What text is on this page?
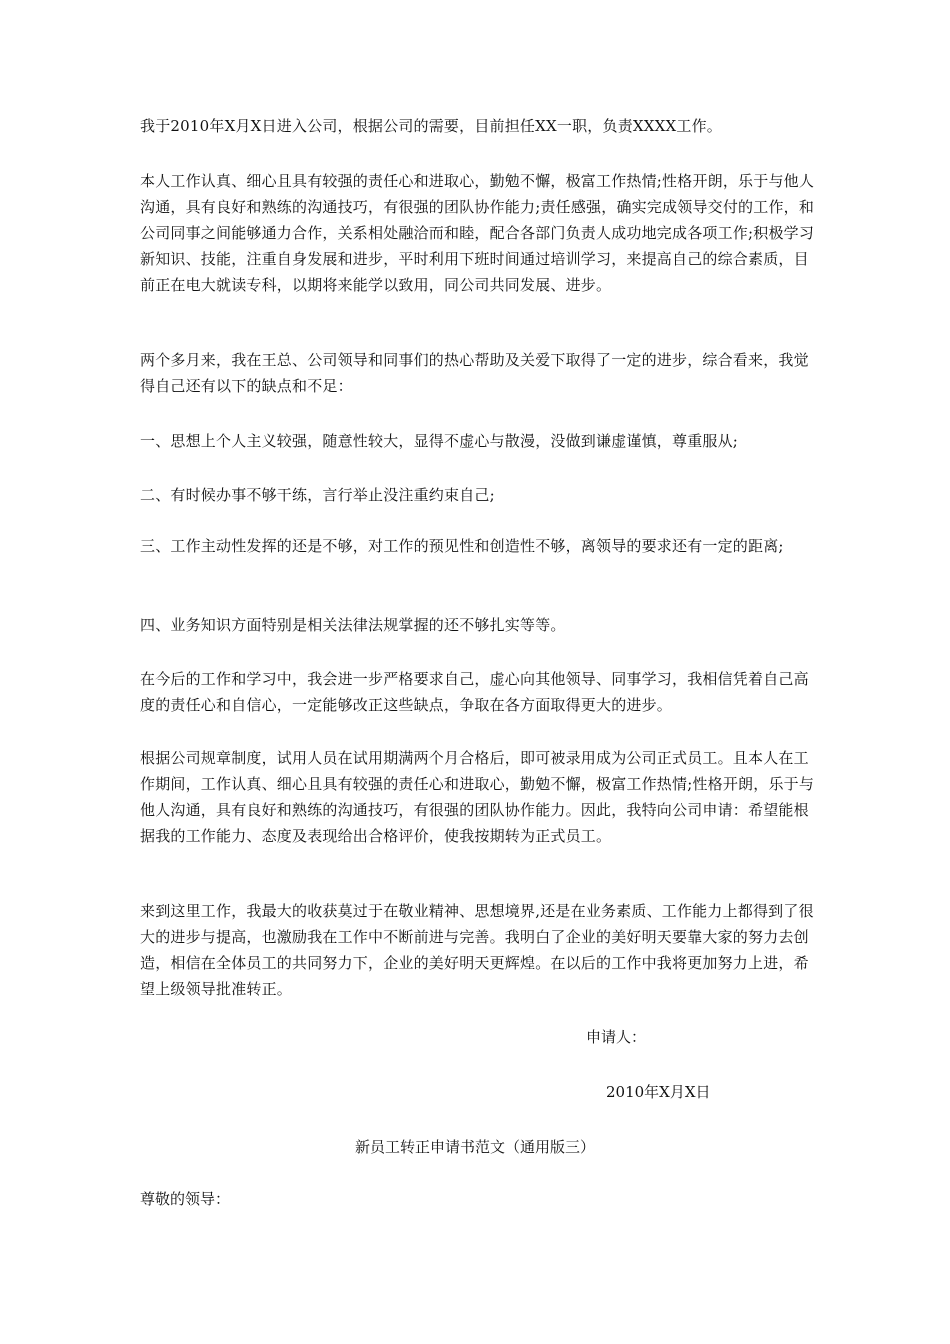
我于2010年X月X日进入公司，根据公司的需要，目前担任XX一职，负责XXXX工作。
本人工作认真、细心且具有较强的责任心和进取心，勤勉不懈，极富工作热情;性格开朗，乐于与他人沟通，具有良好和熟练的沟通技巧，有很强的团队协作能力;责任感强，确实完成领导交付的工作，和公司同事之间能够通力合作，关系相处融洽而和睦，配合各部门负责人成功地完成各项工作;积极学习新知识、技能，注重自身发展和进步，平时利用下班时间通过培训学习，来提高自己的综合素质，目前正在电大就读专科，以期将来能学以致用，同公司共同发展、进步。
两个多月来，我在王总、公司领导和同事们的热心帮助及关爱下取得了一定的进步，综合看来，我觉得自己还有以下的缺点和不足：
一、思想上个人主义较强，随意性较大，显得不虚心与散漫，没做到谦虚谨慎，尊重服从;
二、有时候办事不够干练，言行举止没注重约束自己;
三、工作主动性发挥的还是不够，对工作的预见性和创造性不够，离领导的要求还有一定的距离;
四、业务知识方面特别是相关法律法规掌握的还不够扎实等等。
在今后的工作和学习中，我会进一步严格要求自己，虚心向其他领导、同事学习，我相信凭着自己高度的责任心和自信心，一定能够改正这些缺点，争取在各方面取得更大的进步。
根据公司规章制度，试用人员在试用期满两个月合格后，即可被录用成为公司正式员工。且本人在工作期间，工作认真、细心且具有较强的责任心和进取心，勤勉不懈，极富工作热情;性格开朗，乐于与他人沟通，具有良好和熟练的沟通技巧，有很强的团队协作能力。因此，我特向公司申请：希望能根据我的工作能力、态度及表现给出合格评价，使我按期转为正式员工。
来到这里工作，我最大的收获莫过于在敬业精神、思想境界,还是在业务素质、工作能力上都得到了很大的进步与提高，也激励我在工作中不断前进与完善。我明白了企业的美好明天要靠大家的努力去创造，相信在全体员工的共同努力下，企业的美好明天更辉煌。在以后的工作中我将更加努力上进，希望上级领导批准转正。
申请人：
2010年X月X日
新员工转正申请书范文（通用版三）
尊敬的领导：
